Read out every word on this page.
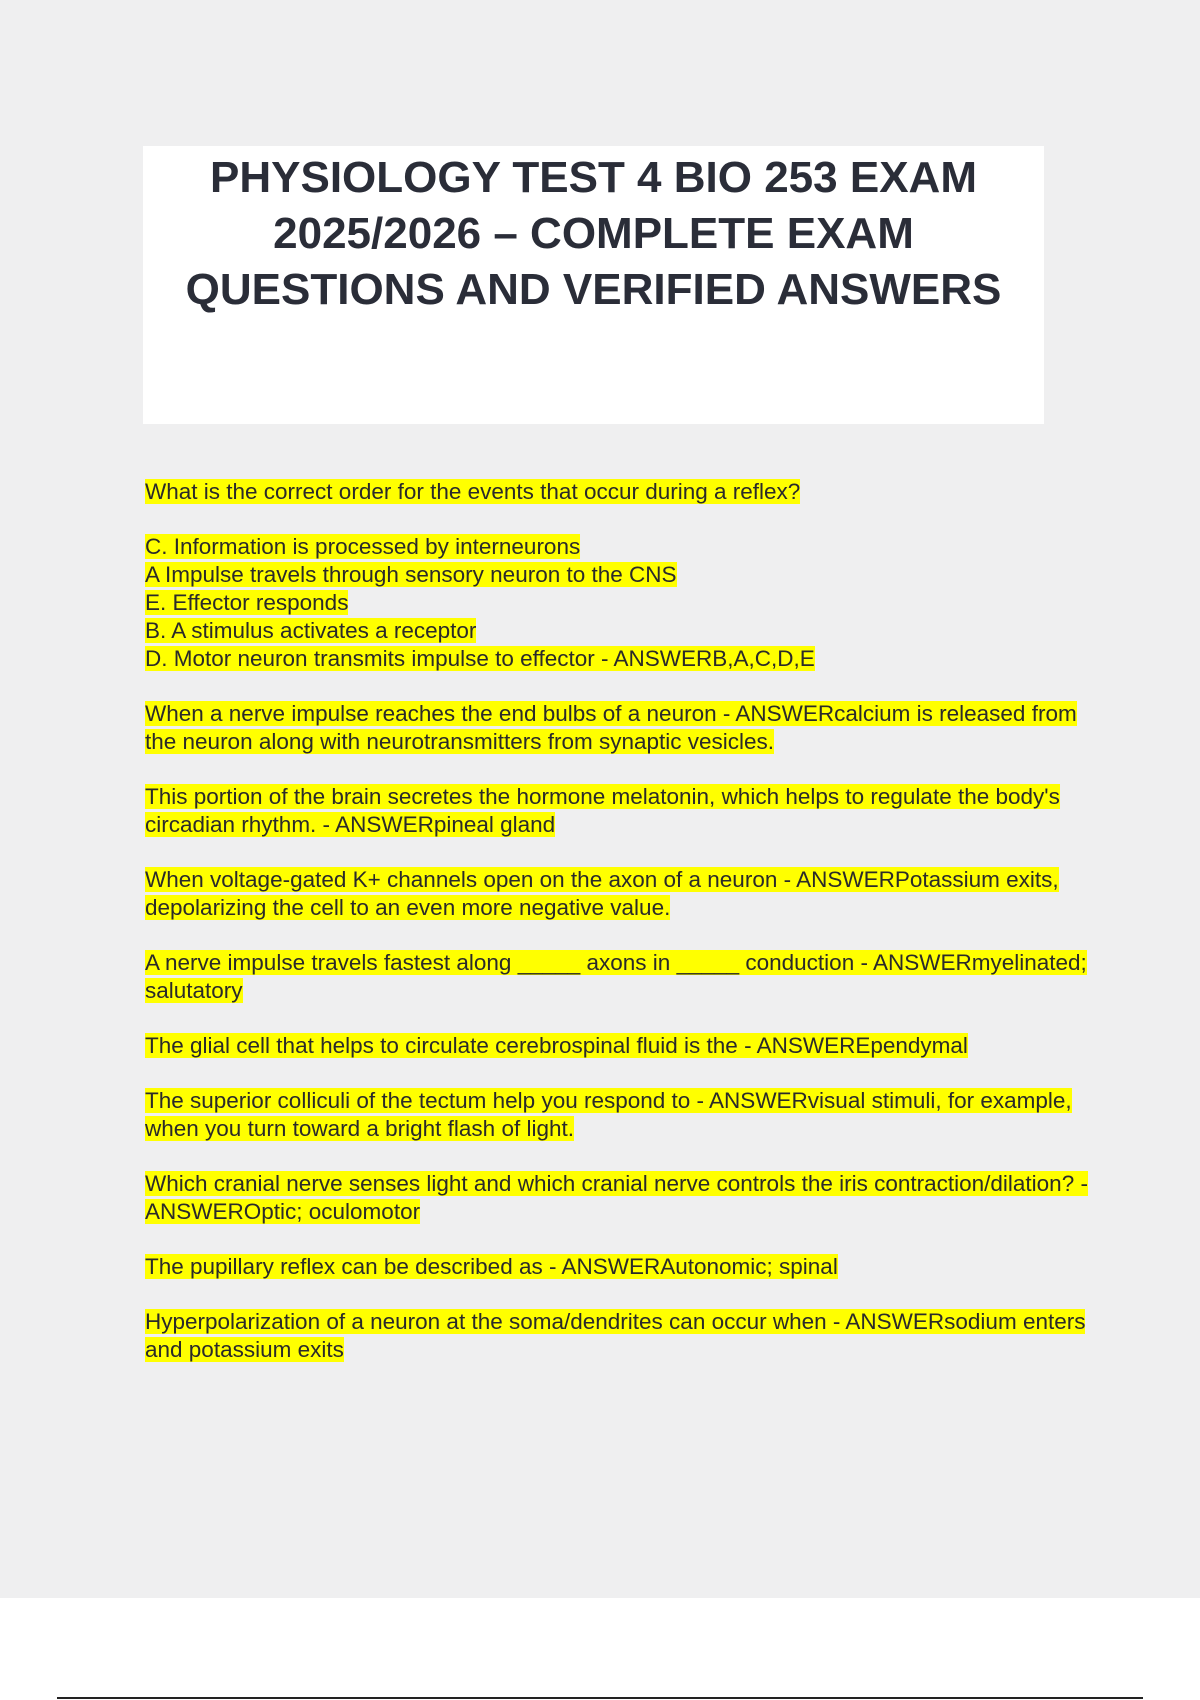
PHYSIOLOGY TEST 4 BIO 253 EXAM 2025/2026 – COMPLETE EXAM QUESTIONS AND VERIFIED ANSWERS

What is the correct order for the events that occur during a reflex?

C. Information is processed by interneurons
A Impulse travels through sensory neuron to the CNS
E. Effector responds
B. A stimulus activates a receptor
D. Motor neuron transmits impulse to effector - ANSWERB,A,C,D,E

When a nerve impulse reaches the end bulbs of a neuron - ANSWERcalcium is released from the neuron along with neurotransmitters from synaptic vesicles.

This portion of the brain secretes the hormone melatonin, which helps to regulate the body's circadian rhythm. - ANSWERpineal gland

When voltage-gated K+ channels open on the axon of a neuron - ANSWERPotassium exits, depolarizing the cell to an even more negative value.

A nerve impulse travels fastest along _____ axons in _____ conduction - ANSWERmyelinated; salutatory

The glial cell that helps to circulate cerebrospinal fluid is the - ANSWEREpendymal

The superior colliculi of the tectum help you respond to - ANSWERvisual stimuli, for example, when you turn toward a bright flash of light.

Which cranial nerve senses light and which cranial nerve controls the iris contraction/dilation? - ANSWEROptic; oculomotor

The pupillary reflex can be described as - ANSWERAutonomic; spinal

Hyperpolarization of a neuron at the soma/dendrites can occur when - ANSWERsodium enters and potassium exits
